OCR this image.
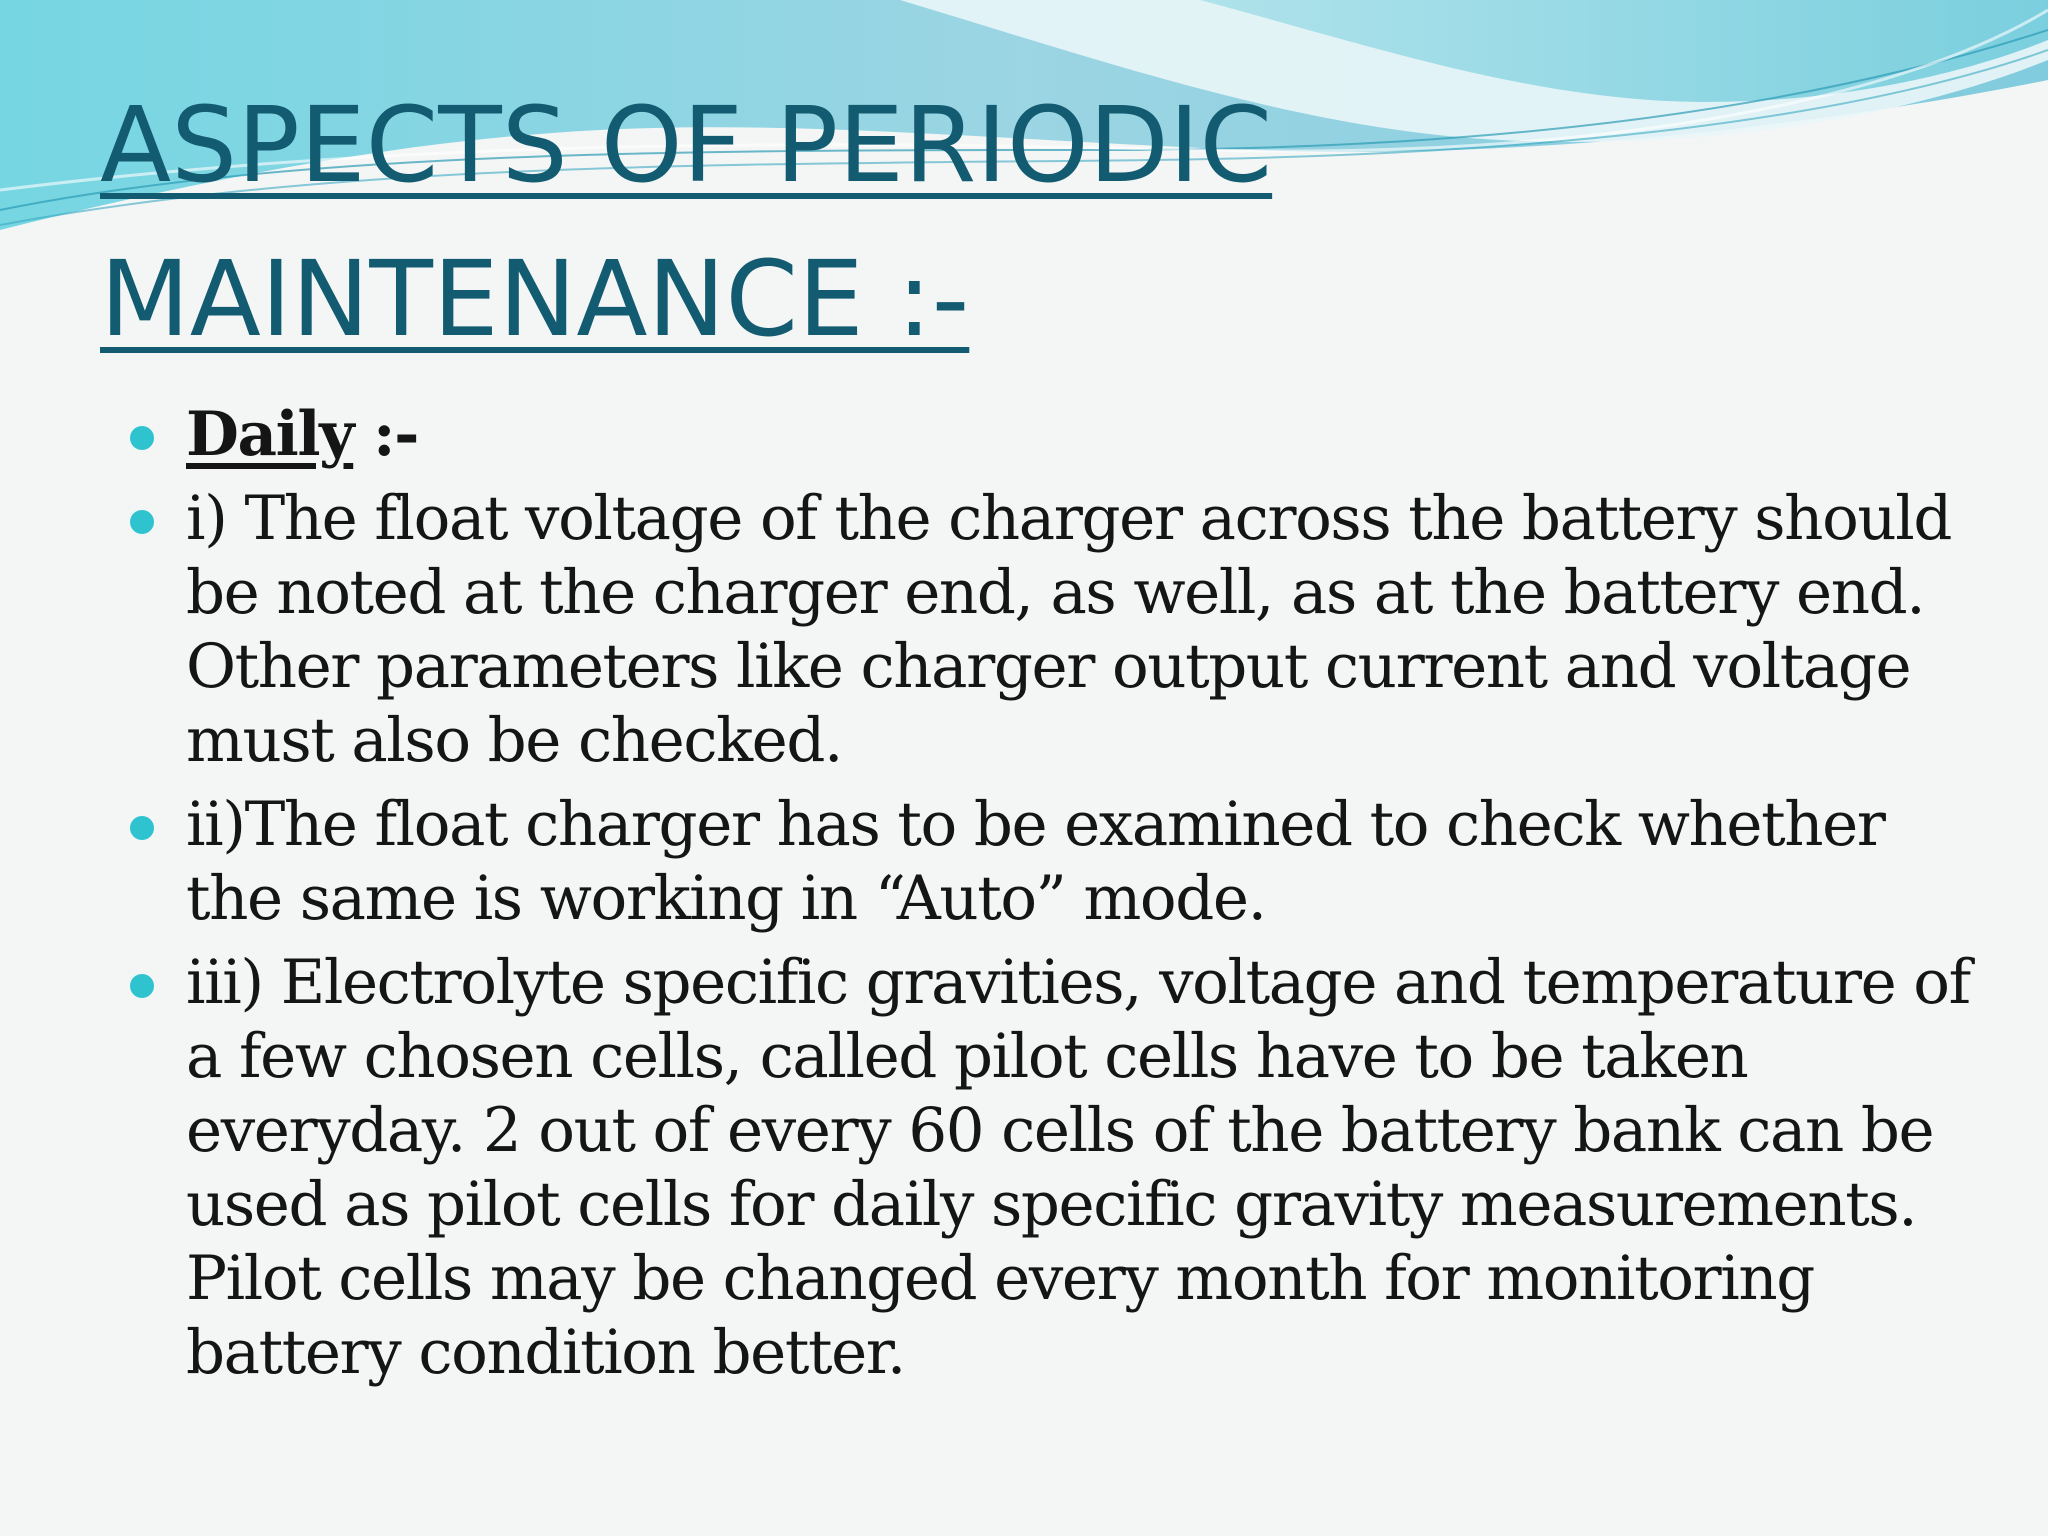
ASPECTS OF PERIODIC
MAINTENANCE :-
Daily :-
i) The float voltage of the charger across the battery should
be noted at the charger end, as well, as at the battery end.
Other parameters like charger output current and voltage
must also be checked.
ii)The float charger has to be examined to check whether
the same is working in “Auto” mode.
iii) Electrolyte specific gravities, voltage and temperature of
a few chosen cells, called pilot cells have to be taken
everyday. 2 out of every 60 cells of the battery bank can be
used as pilot cells for daily specific gravity measurements.
Pilot cells may be changed every month for monitoring
battery condition better.
